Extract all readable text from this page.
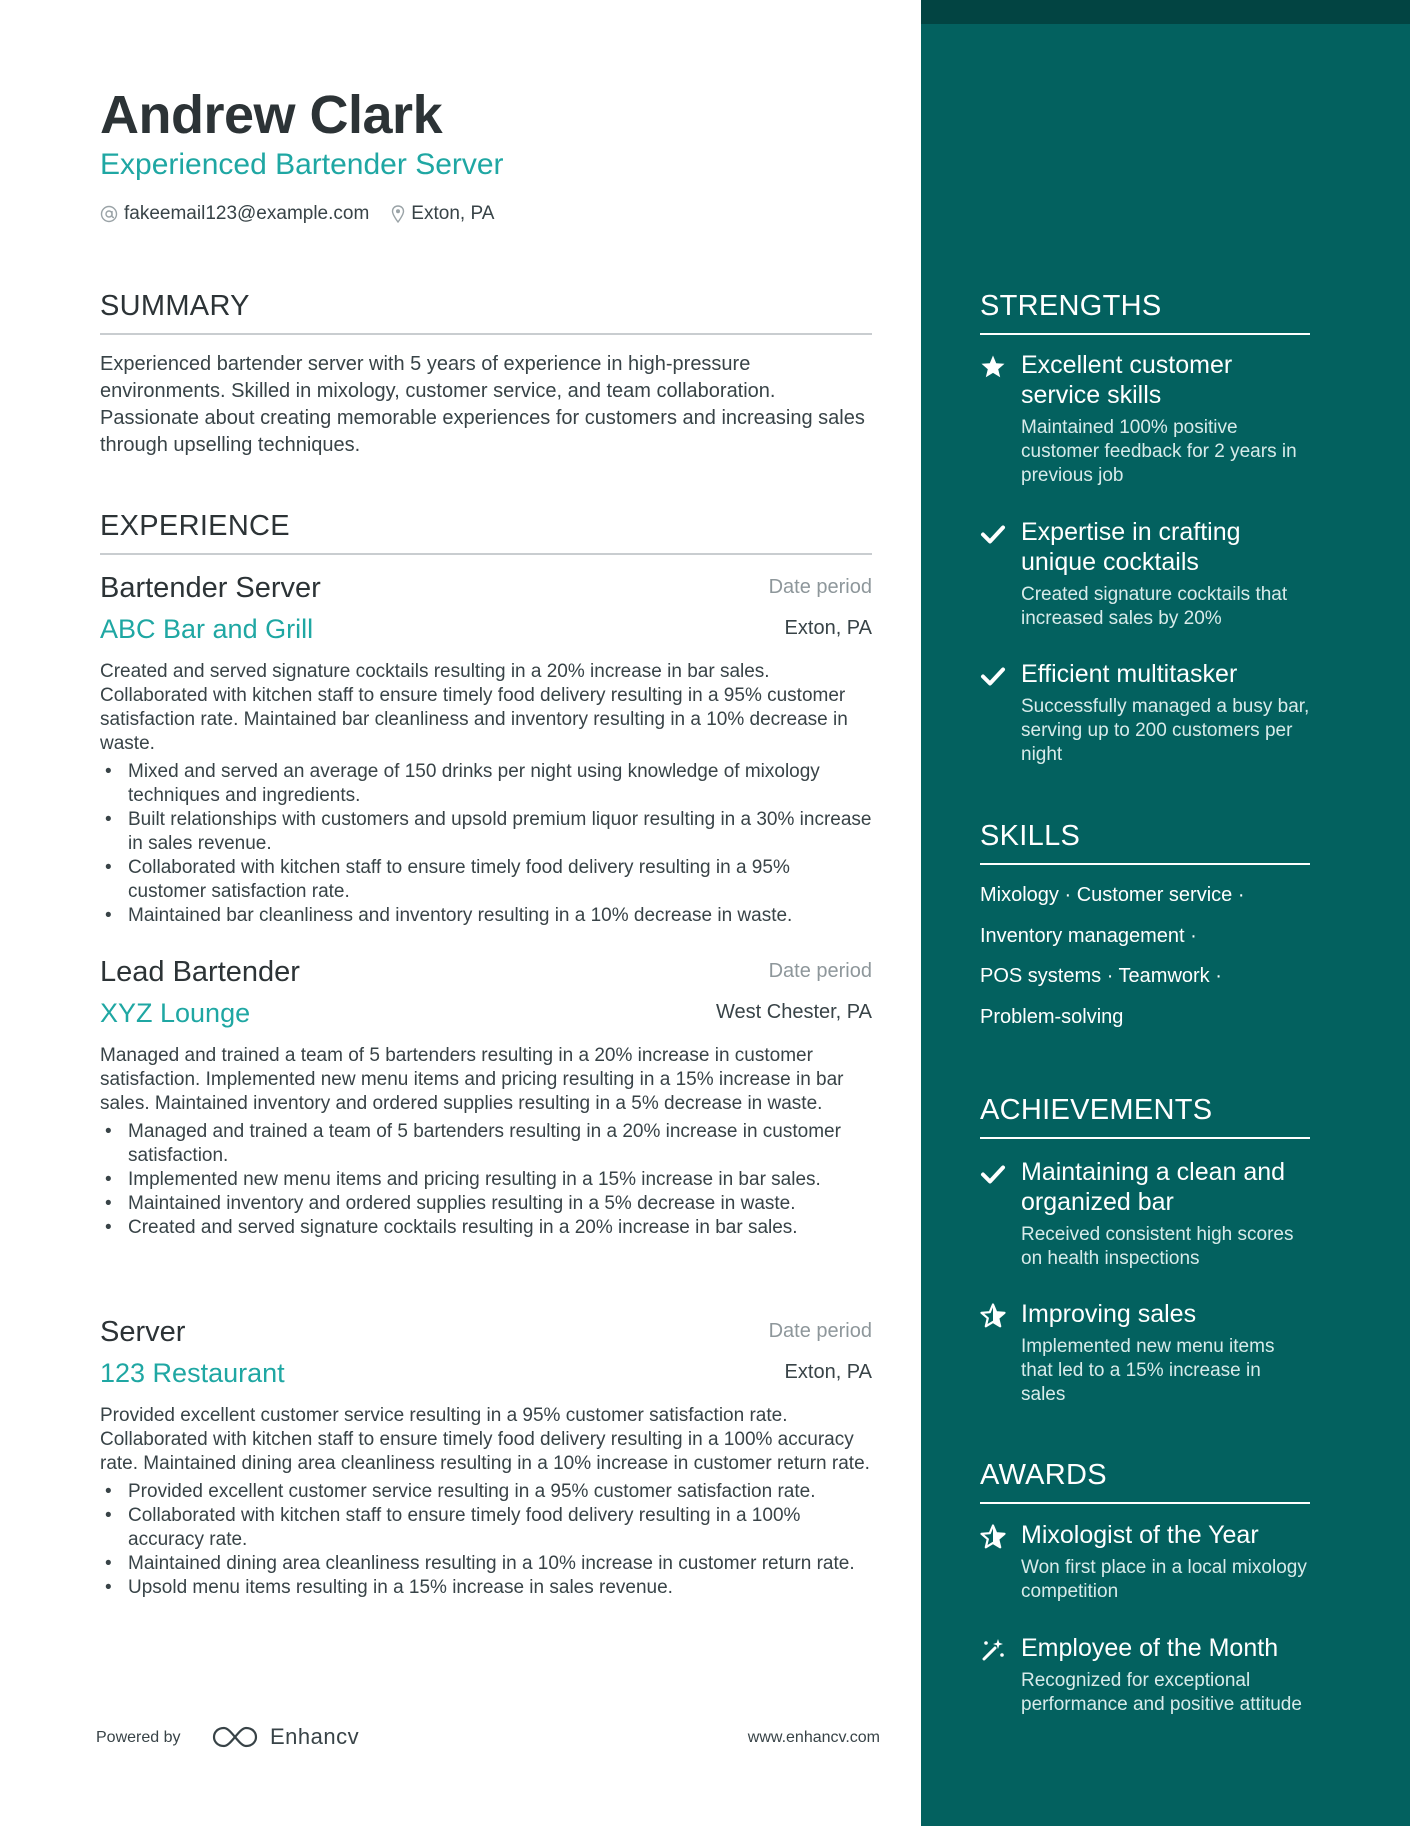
Andrew Clark
Experienced Bartender Server
fakeemail123@example.com Exton, PA
SUMMARY
Experienced bartender server with 5 years of experience in high-pressure environments. Skilled in mixology, customer service, and team collaboration. Passionate about creating memorable experiences for customers and increasing sales through upselling techniques.
EXPERIENCE
Bartender Server	Date period
ABC Bar and Grill	Exton, PA
Created and served signature cocktails resulting in a 20% increase in bar sales. Collaborated with kitchen staff to ensure timely food delivery resulting in a 95% customer satisfaction rate. Maintained bar cleanliness and inventory resulting in a 10% decrease in waste.
• Mixed and served an average of 150 drinks per night using knowledge of mixology techniques and ingredients.
• Built relationships with customers and upsold premium liquor resulting in a 30% increase in sales revenue.
• Collaborated with kitchen staff to ensure timely food delivery resulting in a 95% customer satisfaction rate.
• Maintained bar cleanliness and inventory resulting in a 10% decrease in waste.
Lead Bartender	Date period
XYZ Lounge	West Chester, PA
Managed and trained a team of 5 bartenders resulting in a 20% increase in customer satisfaction. Implemented new menu items and pricing resulting in a 15% increase in bar sales. Maintained inventory and ordered supplies resulting in a 5% decrease in waste.
• Managed and trained a team of 5 bartenders resulting in a 20% increase in customer satisfaction.
• Implemented new menu items and pricing resulting in a 15% increase in bar sales.
• Maintained inventory and ordered supplies resulting in a 5% decrease in waste.
• Created and served signature cocktails resulting in a 20% increase in bar sales.
Server	Date period
123 Restaurant	Exton, PA
Provided excellent customer service resulting in a 95% customer satisfaction rate. Collaborated with kitchen staff to ensure timely food delivery resulting in a 100% accuracy rate. Maintained dining area cleanliness resulting in a 10% increase in customer return rate.
• Provided excellent customer service resulting in a 95% customer satisfaction rate.
• Collaborated with kitchen staff to ensure timely food delivery resulting in a 100% accuracy rate.
• Maintained dining area cleanliness resulting in a 10% increase in customer return rate.
• Upsold menu items resulting in a 15% increase in sales revenue.
Powered by	Enhancv	www.enhancv.com
STRENGTHS
Excellent customer service skills
Maintained 100% positive customer feedback for 2 years in previous job
Expertise in crafting unique cocktails
Created signature cocktails that increased sales by 20%
Efficient multitasker
Successfully managed a busy bar, serving up to 200 customers per night
SKILLS
Mixology · Customer service ·
Inventory management ·
POS systems · Teamwork ·
Problem-solving
ACHIEVEMENTS
Maintaining a clean and organized bar
Received consistent high scores on health inspections
Improving sales
Implemented new menu items that led to a 15% increase in sales
AWARDS
Mixologist of the Year
Won first place in a local mixology competition
Employee of the Month
Recognized for exceptional performance and positive attitude
